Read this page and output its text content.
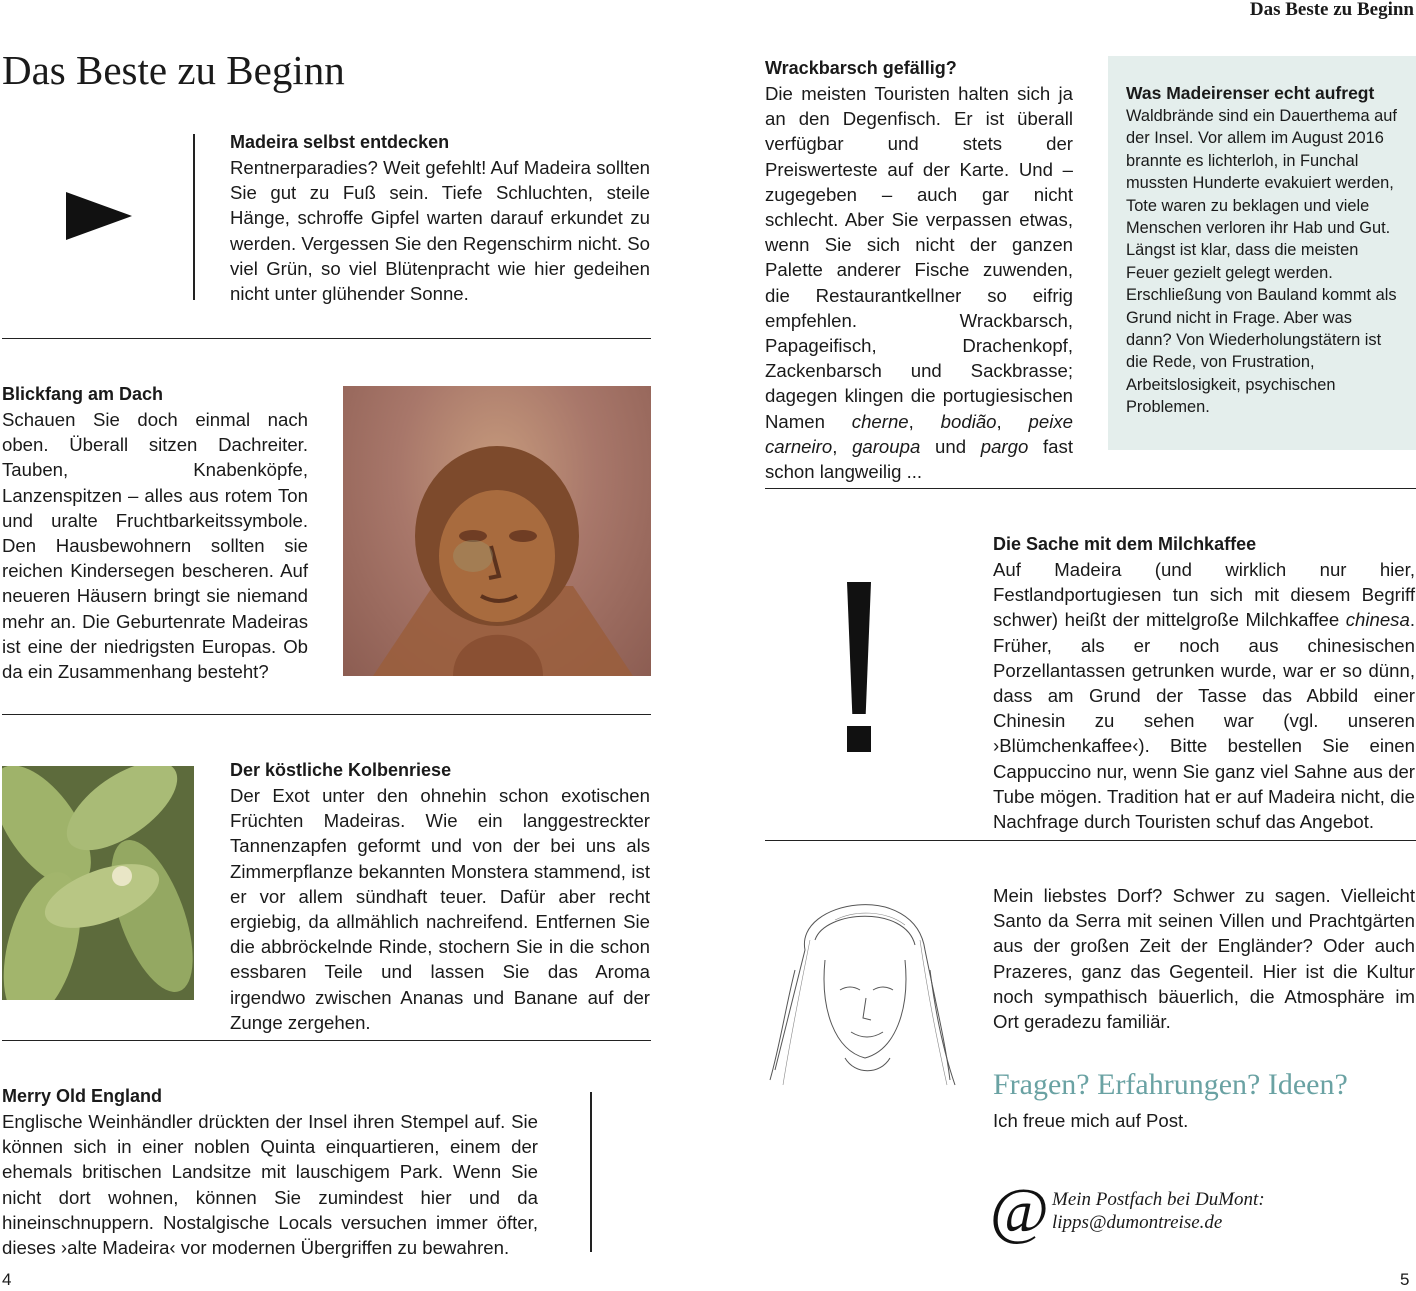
Das Beste zu Beginn
4	5
Das Beste zu Beginn
Madeira selbst entdecken
Rentnerparadies? Weit gefehlt! Auf Madeira sollten Sie gut zu Fuß sein. Tiefe Schluchten, steile Hänge, schroffe Gipfel warten darauf erkundet zu werden. Vergessen Sie den Regenschirm nicht. So viel Grün, so viel Blütenpracht wie hier gedeihen nicht unter glühender Sonne.
Blickfang am Dach
Schauen Sie doch einmal nach oben. Überall sitzen Dachreiter. Tauben, Knabenköpfe, Lanzenspitzen – alles aus rotem Ton und uralte Fruchtbarkeitssymbole. Den Hausbewohnern sollten sie reichen Kindersegen bescheren. Auf neueren Häusern bringt sie niemand mehr an. Die Geburtenrate Madeiras ist eine der niedrigsten Europas. Ob da ein Zusammenhang besteht?
Der köstliche Kolbenriese
Der Exot unter den ohnehin schon exotischen Früchten Madeiras. Wie ein langgestreckter Tannenzapfen geformt und von der bei uns als Zimmerpflanze bekannten Monstera stammend, ist er vor allem sündhaft teuer. Dafür aber recht ergiebig, da allmählich nachreifend. Entfernen Sie die abbröckelnde Rinde, stochern Sie in die schon essbaren Teile und lassen Sie das Aroma irgendwo zwischen Ananas und Banane auf der Zunge zergehen.
Merry Old England
Englische Weinhändler drückten der Insel ihren Stempel auf. Sie können sich in einer noblen Quinta einquartieren, einem der ehemals britischen Landsitze mit lauschigem Park. Wenn Sie nicht dort wohnen, können Sie zumindest hier und da hineinschnuppern. Nostalgische Locals versuchen immer öfter, dieses ›alte Madeira‹ vor modernen Übergriffen zu bewahren.
Wrackbarsch gefällig?
Die meisten Touristen halten sich ja an den Degenfisch. Er ist überall verfügbar und stets der Preiswerteste auf der Karte. Und – zugegeben – auch gar nicht schlecht. Aber Sie verpassen etwas, wenn Sie sich nicht der ganzen Palette anderer Fische zuwenden, die Restaurantkellner so eifrig empfehlen. Wrackbarsch, Papageifisch, Drachenkopf, Zackenbarsch und Sackbrasse; dagegen klingen die portugiesischen Namen cherne, bodião, peixe carneiro, garoupa und pargo fast schon langweilig ...
Was Madeirenser echt aufregt
Waldbrände sind ein Dauerthema auf der Insel. Vor allem im August 2016 brannte es lichterloh, in Funchal mussten Hunderte evakuiert werden, Tote waren zu beklagen und viele Menschen verloren ihr Hab und Gut. Längst ist klar, dass die meisten Feuer gezielt gelegt werden. Erschließung von Bauland kommt als Grund nicht in Frage. Aber was dann? Von Wiederholungstätern ist die Rede, von Frustration, Arbeitslosigkeit, psychischen Problemen.
Die Sache mit dem Milchkaffee
Auf Madeira (und wirklich nur hier, Festlandportugiesen tun sich mit diesem Begriff schwer) heißt der mittelgroße Milchkaffee chinesa. Früher, als er noch aus chinesischen Porzellantassen getrunken wurde, war er so dünn, dass am Grund der Tasse das Abbild einer Chinesin zu sehen war (vgl. unseren ›Blümchenkaffee‹). Bitte bestellen Sie einen Cappuccino nur, wenn Sie ganz viel Sahne aus der Tube mögen. Tradition hat er auf Madeira nicht, die Nachfrage durch Touristen schuf das Angebot.
Mein liebstes Dorf? Schwer zu sagen. Vielleicht Santo da Serra mit seinen Villen und Prachtgärten aus der großen Zeit der Engländer? Oder auch Prazeres, ganz das Gegenteil. Hier ist die Kultur noch sympathisch bäuerlich, die Atmosphäre im Ort geradezu familiär.
Fragen? Erfahrungen? Ideen?
Ich freue mich auf Post.
@ Mein Postfach bei DuMont:
lipps@dumontreise.de
